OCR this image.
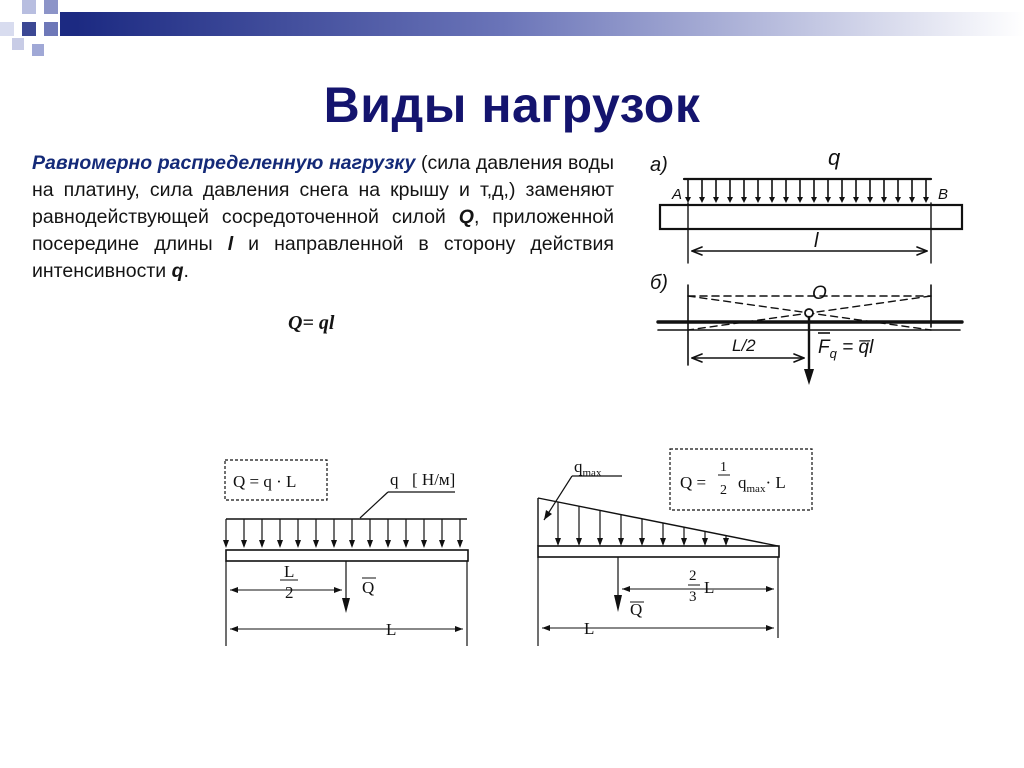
Виды нагрузок
Равномерно распределенную нагрузку (сила давления воды на платину, сила давления снега на крышу и т,д,) заменяют равнодействующей сосредоточенной силой Q, приложенной посередине длины l и направленной в сторону действия интенсивности q.
Q= ql
а)	q
A	B
l
б)	O
L/2	$F_q$ = q̅l
Q = q · L	q [ Н/м]
L
2	Q
L
Q =
1
2 $q_{max}\cdot L$
$q_{max}$
2
3 L
Q
L
